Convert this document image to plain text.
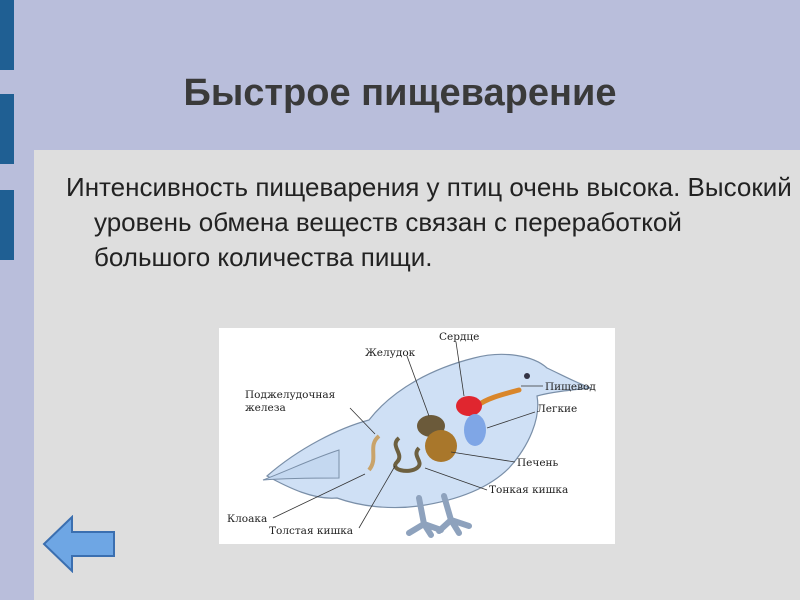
Быстрое пищеварение

Интенсивность пищеварения у птиц очень высока. Высокий уровень обмена веществ связан с переработкой большого количества пищи.

Сердце
Желудок
Пищевод
Поджелудочная
железа	Легкие
Печень
Тонкая кишка
Клоака
Толстая кишка
